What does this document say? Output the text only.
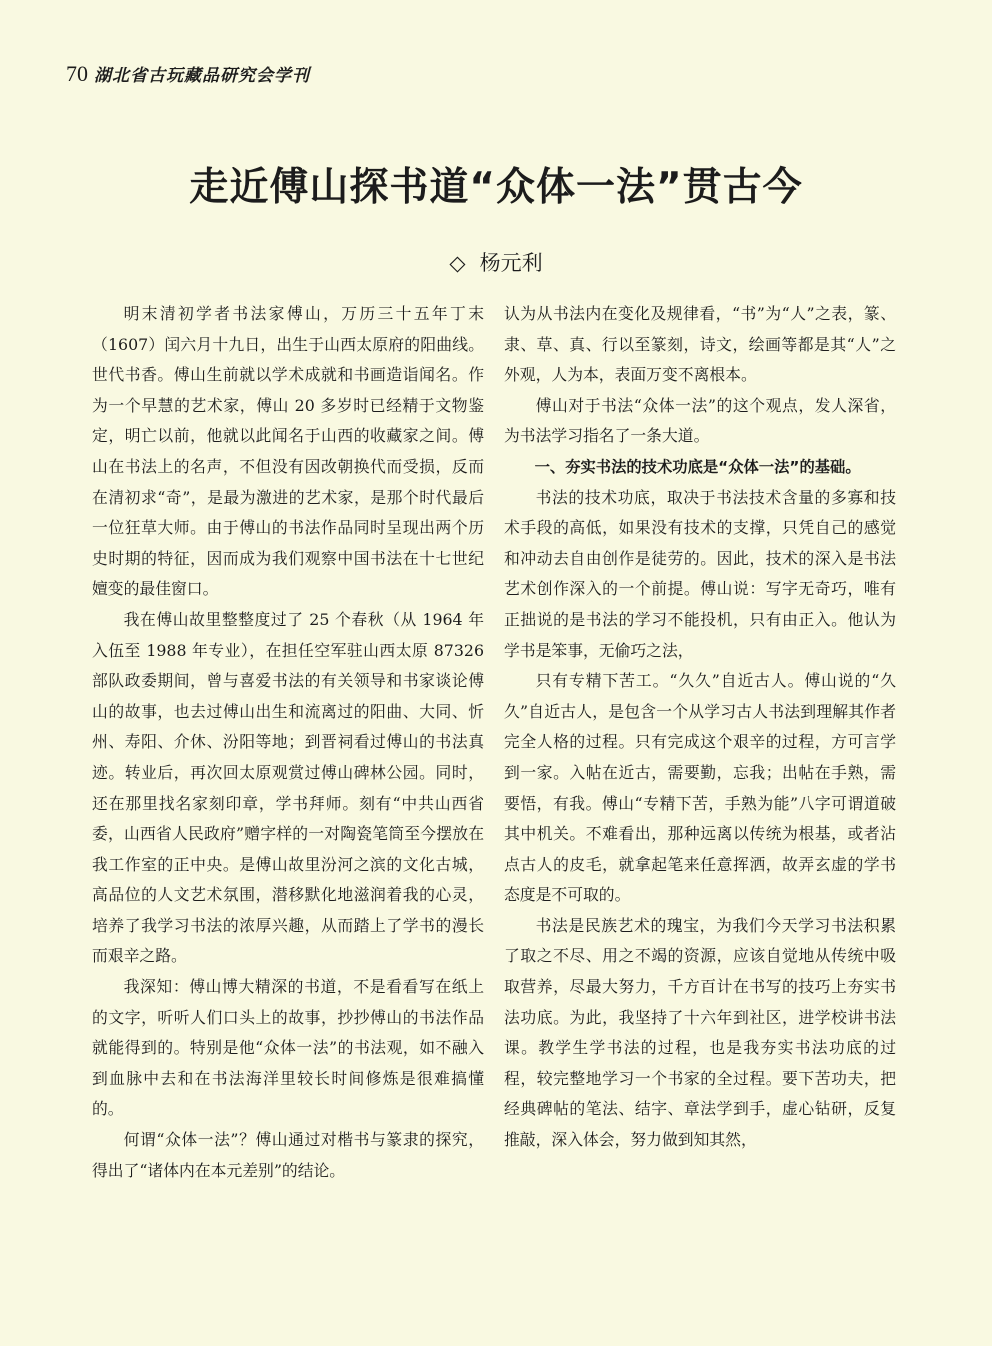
70 湖北省古玩藏品研究会学刊
走近傅山探书道“众体一法”贯古今
◇ 杨元利

明末清初学者书法家傅山，万历三十五年丁末（1607）闰六月十九日，出生于山西太原府的阳曲线。世代书香。傅山生前就以学术成就和书画造诣闻名。作为一个早慧的艺术家，傅山 20 多岁时已经精于文物鉴定，明亡以前，他就以此闻名于山西的收藏家之间。傅山在书法上的名声，不但没有因改朝换代而受损，反而在清初求“奇”，是最为激进的艺术家，是那个时代最后一位狂草大师。由于傅山的书法作品同时呈现出两个历史时期的特征，因而成为我们观察中国书法在十七世纪嬗变的最佳窗口。

我在傅山故里整整度过了 25 个春秋（从 1964 年入伍至 1988 年专业），在担任空军驻山西太原 87326 部队政委期间，曾与喜爱书法的有关领导和书家谈论傅山的故事，也去过傅山出生和流离过的阳曲、大同、忻州、寿阳、介休、汾阳等地；到晋祠看过傅山的书法真迹。转业后，再次回太原观赏过傅山碑林公园。同时，还在那里找名家刻印章，学书拜师。刻有“中共山西省委，山西省人民政府”赠字样的一对陶瓷笔筒至今摆放在我工作室的正中央。是傅山故里汾河之滨的文化古城，高品位的人文艺术氛围，潜移默化地滋润着我的心灵，培养了我学习书法的浓厚兴趣，从而踏上了学书的漫长而艰辛之路。

我深知：傅山博大精深的书道，不是看看写在纸上的文字，听听人们口头上的故事，抄抄傅山的书法作品就能得到的。特别是他“众体一法”的书法观，如不融入到血脉中去和在书法海洋里较长时间修炼是很难搞懂的。

何谓“众体一法”？傅山通过对楷书与篆隶的探究，得出了“诸体内在本元差别”的结论。

认为从书法内在变化及规律看，“书”为“人”之表，篆、隶、草、真、行以至篆刻，诗文，绘画等都是其“人”之外观，人为本，表面万变不离根本。

傅山对于书法“众体一法”的这个观点，发人深省，为书法学习指名了一条大道。

一、夯实书法的技术功底是“众体一法”的基础。

书法的技术功底，取决于书法技术含量的多寡和技术手段的高低，如果没有技术的支撑，只凭自己的感觉和冲动去自由创作是徒劳的。因此，技术的深入是书法艺术创作深入的一个前提。傅山说：写字无奇巧，唯有正拙说的是书法的学习不能投机，只有由正入。他认为学书是笨事，无偷巧之法，

只有专精下苦工。“久久”自近古人。傅山说的“久久”自近古人，是包含一个从学习古人书法到理解其作者完全人格的过程。只有完成这个艰辛的过程，方可言学到一家。入帖在近古，需要勤，忘我；出帖在手熟，需要悟，有我。傅山“专精下苦，手熟为能”八字可谓道破其中机关。不难看出，那种远离以传统为根基，或者沾点古人的皮毛，就拿起笔来任意挥洒，故弄玄虚的学书态度是不可取的。

书法是民族艺术的瑰宝，为我们今天学习书法积累了取之不尽、用之不竭的资源，应该自觉地从传统中吸取营养，尽最大努力，千方百计在书写的技巧上夯实书法功底。为此，我坚持了十六年到社区，进学校讲书法课。教学生学书法的过程，也是我夯实书法功底的过程，较完整地学习一个书家的全过程。要下苦功夫，把经典碑帖的笔法、结字、章法学到手，虚心钻研，反复推敲，深入体会，努力做到知其然，
